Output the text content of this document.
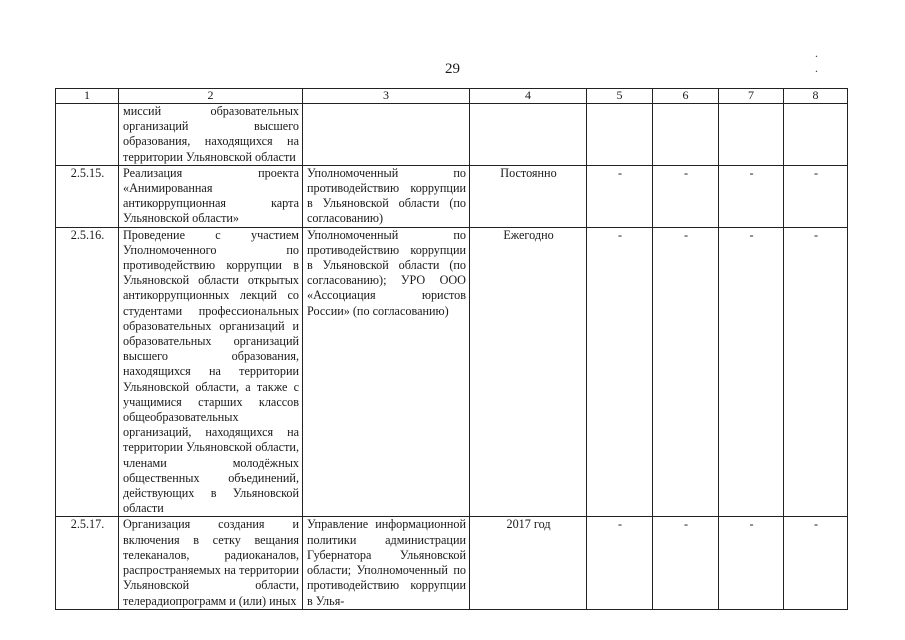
29
. .
1	2	3	4	5	6	7	8
	миссий образовательных организаций высшего образования, находящихся на территории Ульяновской области						
2.5.15.	Реализация проекта «Анимированная антикоррупционная карта Ульяновской области»	Уполномоченный по противодействию коррупции в Ульяновской области (по согласованию)	Постоянно	-	-	-	-
2.5.16.	Проведение с участием Уполномоченного по противодействию коррупции в Ульяновской области открытых антикоррупционных лекций со студентами профессиональных образовательных организаций и образовательных организаций высшего образования, находящихся на территории Ульяновской области, а также с учащимися старших классов общеобразовательных организаций, находящихся на территории Ульяновской области, членами молодёжных общественных объединений, действующих в Ульяновской области	Уполномоченный по противодействию коррупции в Ульяновской области (по согласованию); УРО ООО «Ассоциация юристов России» (по согласованию)	Ежегодно	-	-	-	-
2.5.17.	Организация создания и включения в сетку вещания телеканалов, радиоканалов, распространяемых на территории Ульяновской области, телерадиопрограмм и (или) иных	Управление информационной политики администрации Губернатора Ульяновской области; Уполномоченный по противодействию коррупции в Улья-	2017 год	-	-	-	-
